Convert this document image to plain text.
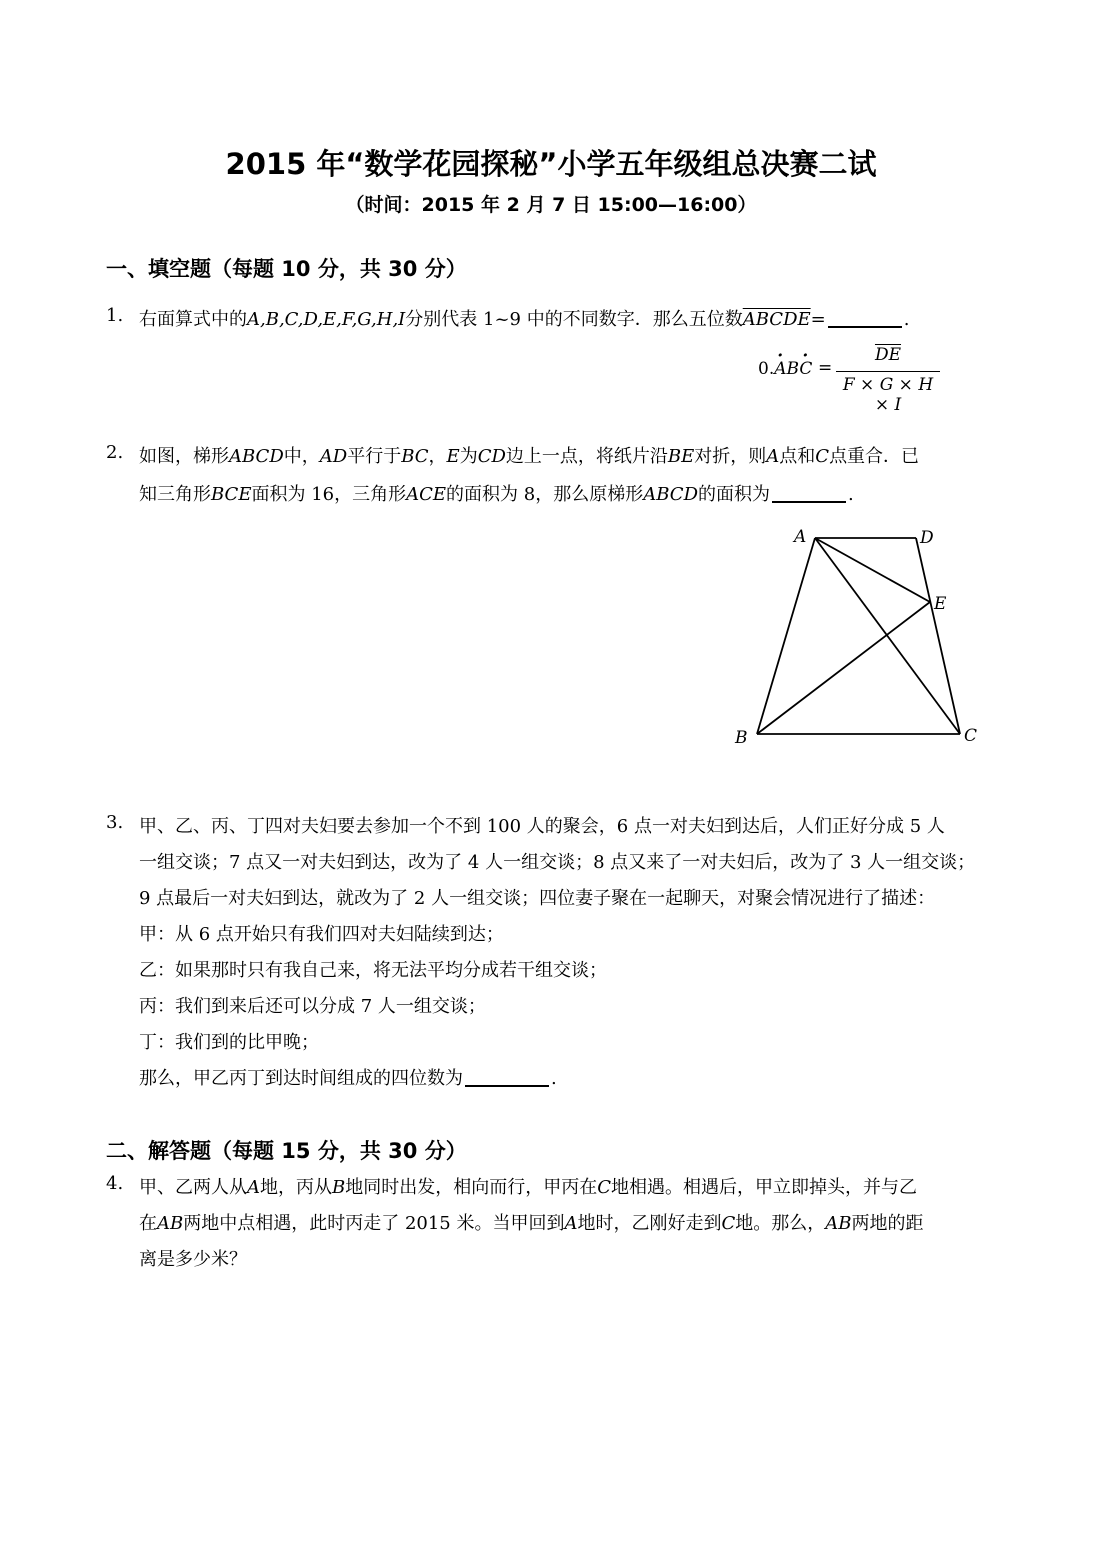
2015 年“数学花园探秘”小学五年级组总决赛二试
（时间：2015 年 2 月 7 日 15:00—16:00）
一、填空题（每题 10 分，共 30 分）
1. 右面算式中的A,B,C,D,E,F,G,H,I分别代表 1~9 中的不同数字．那么五位数ABCDE=	.
0.A ·BC · =
$\overline{DE}$
F × G × H × I
2. 如图，梯形ABCD中，AD平行于BC，E为CD边上一点，将纸片沿BE对折，则A点和C点重合．已
知三角形BCE面积为 16，三角形ACE的面积为 8，那么原梯形ABCD的面积为	.
A	D
E
B	C
3. 甲、乙、丙、丁四对夫妇要去参加一个不到 100 人的聚会，6 点一对夫妇到达后，人们正好分成 5 人
一组交谈；7 点又一对夫妇到达，改为了 4 人一组交谈；8 点又来了一对夫妇后，改为了 3 人一组交谈；
9 点最后一对夫妇到达，就改为了 2 人一组交谈；四位妻子聚在一起聊天，对聚会情况进行了描述：
甲：从 6 点开始只有我们四对夫妇陆续到达；
乙：如果那时只有我自己来，将无法平均分成若干组交谈；
丙：我们到来后还可以分成 7 人一组交谈；
丁：我们到的比甲晚；
那么，甲乙丙丁到达时间组成的四位数为	.
二、解答题（每题 15 分，共 30 分）
4. 甲、乙两人从A地，丙从B地同时出发，相向而行，甲丙在C地相遇。相遇后，甲立即掉头，并与乙
在AB两地中点相遇，此时丙走了 2015 米。当甲回到A地时，乙刚好走到C地。那么，AB两地的距
离是多少米？
